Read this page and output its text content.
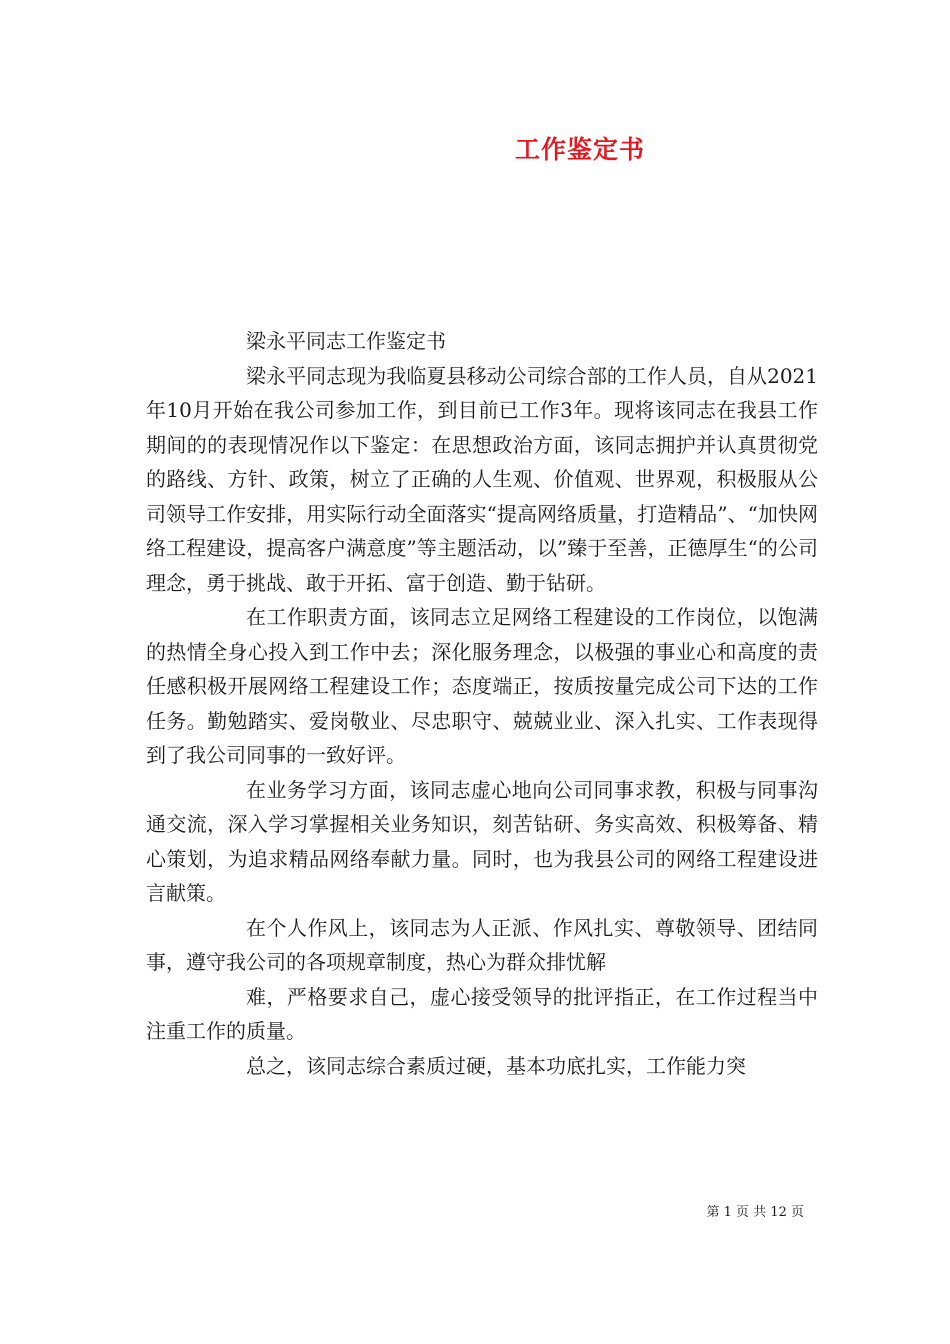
工作鉴定书

梁永平同志工作鉴定书

梁永平同志现为我临夏县移动公司综合部的工作人员，自从2021年10月开始在我公司参加工作，到目前已工作3年。现将该同志在我县工作期间的的表现情况作以下鉴定：在思想政治方面，该同志拥护并认真贯彻党的路线、方针、政策，树立了正确的人生观、价值观、世界观，积极服从公司领导工作安排，用实际行动全面落实“提高网络质量，打造精品”、“加快网络工程建设，提高客户满意度”等主题活动，以”臻于至善，正德厚生“的公司理念，勇于挑战、敢于开拓、富于创造、勤于钻研。

在工作职责方面，该同志立足网络工程建设的工作岗位，以饱满的热情全身心投入到工作中去；深化服务理念，以极强的事业心和高度的责任感积极开展网络工程建设工作；态度端正，按质按量完成公司下达的工作任务。勤勉踏实、爱岗敬业、尽忠职守、兢兢业业、深入扎实、工作表现得到了我公司同事的一致好评。

在业务学习方面，该同志虚心地向公司同事求教，积极与同事沟通交流，深入学习掌握相关业务知识，刻苦钻研、务实高效、积极筹备、精心策划，为追求精品网络奉献力量。同时，也为我县公司的网络工程建设进言献策。

在个人作风上，该同志为人正派、作风扎实、尊敬领导、团结同事，遵守我公司的各项规章制度，热心为群众排忧解

难，严格要求自己，虚心接受领导的批评指正，在工作过程当中注重工作的质量。

总之，该同志综合素质过硬，基本功底扎实，工作能力突

第 1 页 共 12 页
